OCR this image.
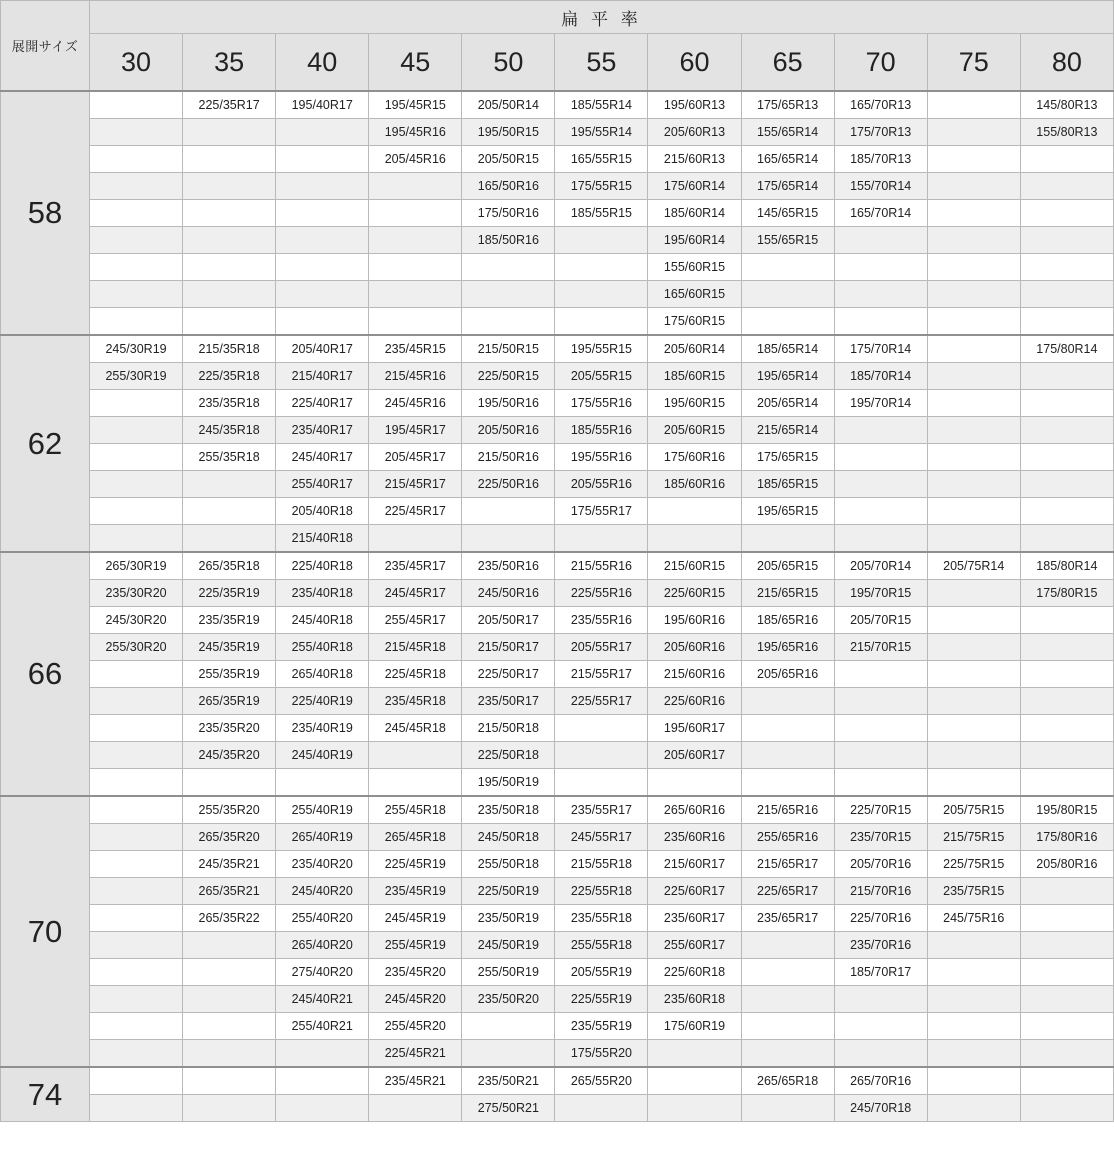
展開サイズ	扁 平 率										
	30	35	40	45	50	55	60	65	70	75	80
58		225/35R17	195/40R17	195/45R15	205/50R14	185/55R14	195/60R13	175/65R13	165/70R13		145/80R13
				195/45R16	195/50R15	195/55R14	205/60R13	155/65R14	175/70R13		155/80R13
				205/45R16	205/50R15	165/55R15	215/60R13	165/65R14	185/70R13		
					165/50R16	175/55R15	175/60R14	175/65R14	155/70R14		
					175/50R16	185/55R15	185/60R14	145/65R15	165/70R14		
					185/50R16		195/60R14	155/65R15			
							155/60R15				
							165/60R15				
							175/60R15				
62	245/30R19	215/35R18	205/40R17	235/45R15	215/50R15	195/55R15	205/60R14	185/65R14	175/70R14		175/80R14
	255/30R19	225/35R18	215/40R17	215/45R16	225/50R15	205/55R15	185/60R15	195/65R14	185/70R14		
		235/35R18	225/40R17	245/45R16	195/50R16	175/55R16	195/60R15	205/65R14	195/70R14		
		245/35R18	235/40R17	195/45R17	205/50R16	185/55R16	205/60R15	215/65R14			
		255/35R18	245/40R17	205/45R17	215/50R16	195/55R16	175/60R16	175/65R15			
			255/40R17	215/45R17	225/50R16	205/55R16	185/60R16	185/65R15			
			205/40R18	225/45R17		175/55R17		195/65R15			
			215/40R18								
66	265/30R19	265/35R18	225/40R18	235/45R17	235/50R16	215/55R16	215/60R15	205/65R15	205/70R14	205/75R14	185/80R14
	235/30R20	225/35R19	235/40R18	245/45R17	245/50R16	225/55R16	225/60R15	215/65R15	195/70R15		175/80R15
	245/30R20	235/35R19	245/40R18	255/45R17	205/50R17	235/55R16	195/60R16	185/65R16	205/70R15		
	255/30R20	245/35R19	255/40R18	215/45R18	215/50R17	205/55R17	205/60R16	195/65R16	215/70R15		
		255/35R19	265/40R18	225/45R18	225/50R17	215/55R17	215/60R16	205/65R16			
		265/35R19	225/40R19	235/45R18	235/50R17	225/55R17	225/60R16				
		235/35R20	235/40R19	245/45R18	215/50R18		195/60R17				
		245/35R20	245/40R19		225/50R18		205/60R17				
					195/50R19						
70		255/35R20	255/40R19	255/45R18	235/50R18	235/55R17	265/60R16	215/65R16	225/70R15	205/75R15	195/80R15
		265/35R20	265/40R19	265/45R18	245/50R18	245/55R17	235/60R16	255/65R16	235/70R15	215/75R15	175/80R16
		245/35R21	235/40R20	225/45R19	255/50R18	215/55R18	215/60R17	215/65R17	205/70R16	225/75R15	205/80R16
		265/35R21	245/40R20	235/45R19	225/50R19	225/55R18	225/60R17	225/65R17	215/70R16	235/75R15	
		265/35R22	255/40R20	245/45R19	235/50R19	235/55R18	235/60R17	235/65R17	225/70R16	245/75R16	
			265/40R20	255/45R19	245/50R19	255/55R18	255/60R17		235/70R16		
			275/40R20	235/45R20	255/50R19	205/55R19	225/60R18		185/70R17		
			245/40R21	245/45R20	235/50R20	225/55R19	235/60R18				
			255/40R21	255/45R20		235/55R19	175/60R19				
				225/45R21		175/55R20					
74				235/45R21	235/50R21	265/55R20		265/65R18	265/70R16		
					275/50R21				245/70R18		
